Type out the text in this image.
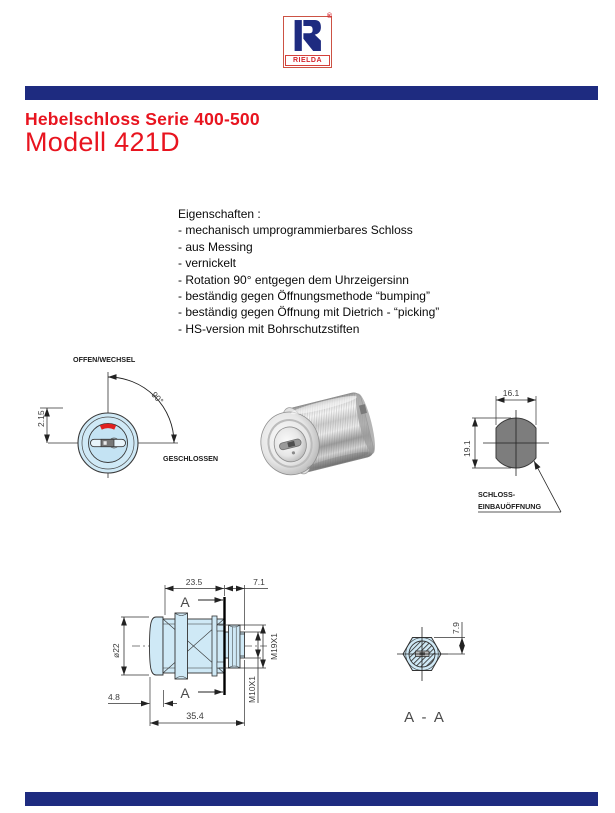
®
RIELDA
Hebelschloss Serie 400-500
Modell 421D
Eigenschaften :
- mechanisch umprogrammierbares Schloss
- aus Messing
- vernickelt
- Rotation 90° entgegen dem Uhrzeigersinn
- beständig gegen Öffnungsmethode “bumping”
- beständig gegen Öffnung mit Dietrich - “picking”
- HS-version mit Bohrschutzstiften
90°
2.15
OFFEN/WECHSEL
GESCHLOSSEN
16.1
19.1
SCHLOSS-
EINBAUÖFFNUNG
A
A
23.5	7.1
ø22	M19X1
M10X1
4.8
35.4
7.9
A - A
